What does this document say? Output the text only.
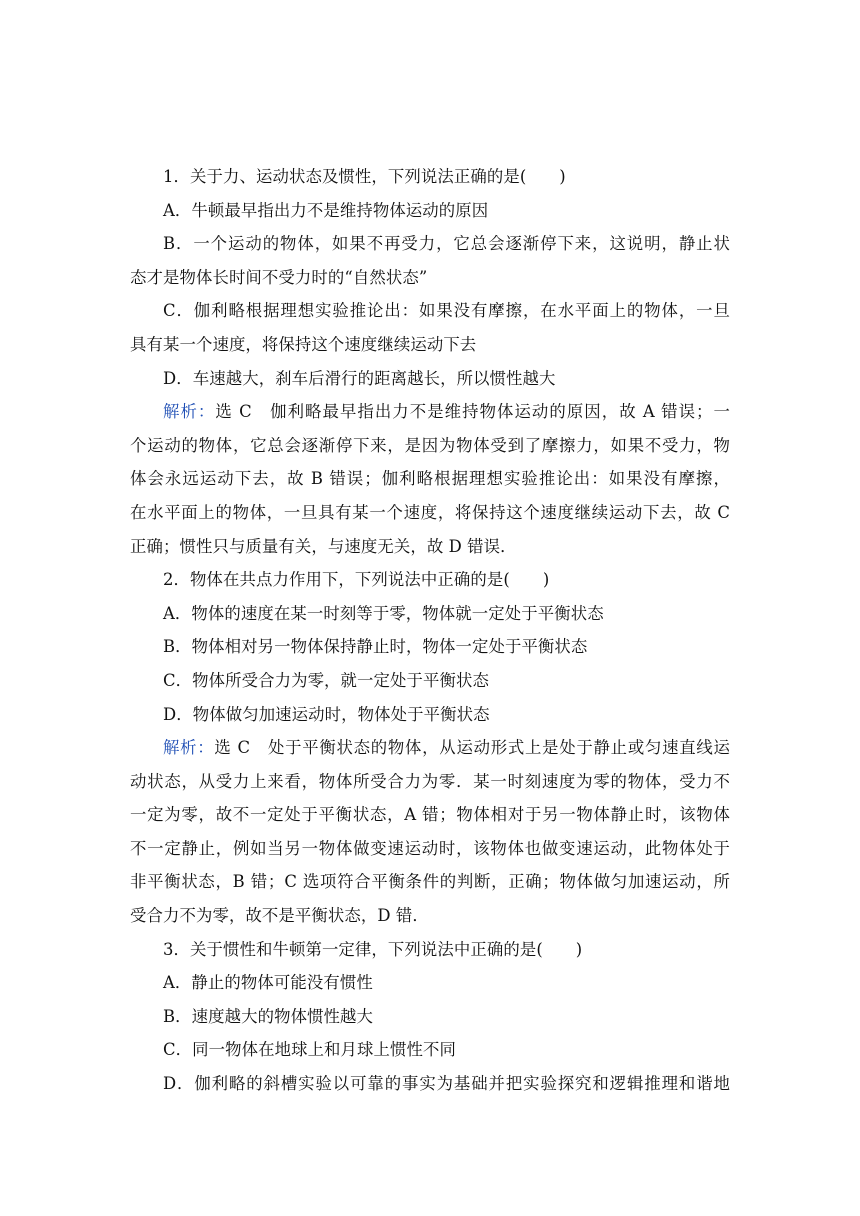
1．关于力、运动状态及惯性，下列说法正确的是(　　)
A．牛顿最早指出力不是维持物体运动的原因
B．一个运动的物体，如果不再受力，它总会逐渐停下来，这说明，静止状
态才是物体长时间不受力时的“自然状态”
C．伽利略根据理想实验推论出：如果没有摩擦，在水平面上的物体，一旦
具有某一个速度，将保持这个速度继续运动下去
D．车速越大，刹车后滑行的距离越长，所以惯性越大
解析：选 C　伽利略最早指出力不是维持物体运动的原因，故 A 错误；一
个运动的物体，它总会逐渐停下来，是因为物体受到了摩擦力，如果不受力，物
体会永远运动下去，故 B 错误；伽利略根据理想实验推论出：如果没有摩擦，
在水平面上的物体，一旦具有某一个速度，将保持这个速度继续运动下去，故 C
正确；惯性只与质量有关，与速度无关，故 D 错误．
2．物体在共点力作用下，下列说法中正确的是(　　)
A．物体的速度在某一时刻等于零，物体就一定处于平衡状态
B．物体相对另一物体保持静止时，物体一定处于平衡状态
C．物体所受合力为零，就一定处于平衡状态
D．物体做匀加速运动时，物体处于平衡状态
解析：选 C　处于平衡状态的物体，从运动形式上是处于静止或匀速直线运
动状态，从受力上来看，物体所受合力为零．某一时刻速度为零的物体，受力不
一定为零，故不一定处于平衡状态，A 错；物体相对于另一物体静止时，该物体
不一定静止，例如当另一物体做变速运动时，该物体也做变速运动，此物体处于
非平衡状态，B 错；C 选项符合平衡条件的判断，正确；物体做匀加速运动，所
受合力不为零，故不是平衡状态，D 错．
3．关于惯性和牛顿第一定律，下列说法中正确的是(　　)
A．静止的物体可能没有惯性
B．速度越大的物体惯性越大
C．同一物体在地球上和月球上惯性不同
D．伽利略的斜槽实验以可靠的事实为基础并把实验探究和逻辑推理和谐地
